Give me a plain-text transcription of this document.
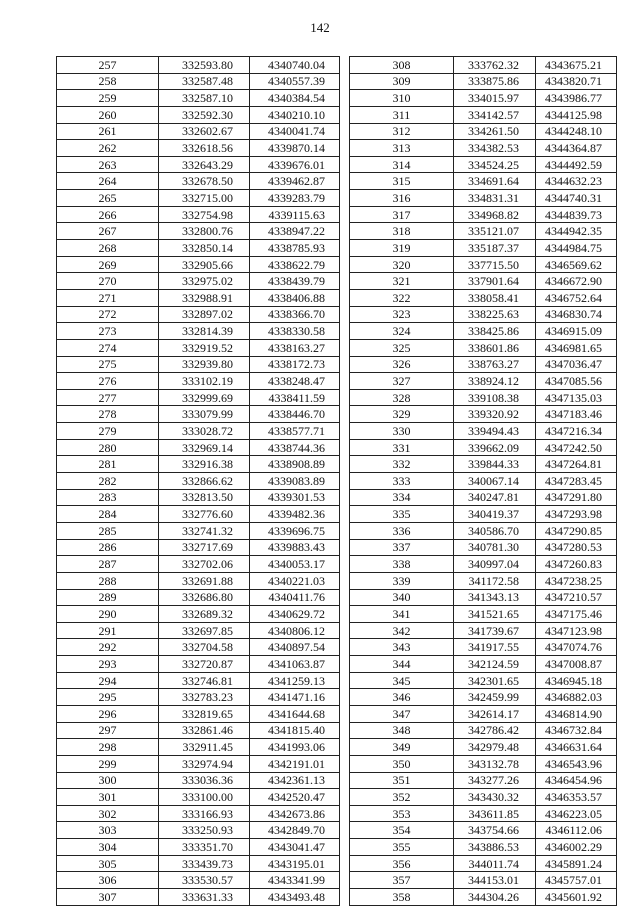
142
257	332593.80	4340740.04
258	332587.48	4340557.39
259	332587.10	4340384.54
260	332592.30	4340210.10
261	332602.67	4340041.74
262	332618.56	4339870.14
263	332643.29	4339676.01
264	332678.50	4339462.87
265	332715.00	4339283.79
266	332754.98	4339115.63
267	332800.76	4338947.22
268	332850.14	4338785.93
269	332905.66	4338622.79
270	332975.02	4338439.79
271	332988.91	4338406.88
272	332897.02	4338366.70
273	332814.39	4338330.58
274	332919.52	4338163.27
275	332939.80	4338172.73
276	333102.19	4338248.47
277	332999.69	4338411.59
278	333079.99	4338446.70
279	333028.72	4338577.71
280	332969.14	4338744.36
281	332916.38	4338908.89
282	332866.62	4339083.89
283	332813.50	4339301.53
284	332776.60	4339482.36
285	332741.32	4339696.75
286	332717.69	4339883.43
287	332702.06	4340053.17
288	332691.88	4340221.03
289	332686.80	4340411.76
290	332689.32	4340629.72
291	332697.85	4340806.12
292	332704.58	4340897.54
293	332720.87	4341063.87
294	332746.81	4341259.13
295	332783.23	4341471.16
296	332819.65	4341644.68
297	332861.46	4341815.40
298	332911.45	4341993.06
299	332974.94	4342191.01
300	333036.36	4342361.13
301	333100.00	4342520.47
302	333166.93	4342673.86
303	333250.93	4342849.70
304	333351.70	4343041.47
305	333439.73	4343195.01
306	333530.57	4343341.99
307	333631.33	4343493.48
308	333762.32	4343675.21
309	333875.86	4343820.71
310	334015.97	4343986.77
311	334142.57	4344125.98
312	334261.50	4344248.10
313	334382.53	4344364.87
314	334524.25	4344492.59
315	334691.64	4344632.23
316	334831.31	4344740.31
317	334968.82	4344839.73
318	335121.07	4344942.35
319	335187.37	4344984.75
320	337715.50	4346569.62
321	337901.64	4346672.90
322	338058.41	4346752.64
323	338225.63	4346830.74
324	338425.86	4346915.09
325	338601.86	4346981.65
326	338763.27	4347036.47
327	338924.12	4347085.56
328	339108.38	4347135.03
329	339320.92	4347183.46
330	339494.43	4347216.34
331	339662.09	4347242.50
332	339844.33	4347264.81
333	340067.14	4347283.45
334	340247.81	4347291.80
335	340419.37	4347293.98
336	340586.70	4347290.85
337	340781.30	4347280.53
338	340997.04	4347260.83
339	341172.58	4347238.25
340	341343.13	4347210.57
341	341521.65	4347175.46
342	341739.67	4347123.98
343	341917.55	4347074.76
344	342124.59	4347008.87
345	342301.65	4346945.18
346	342459.99	4346882.03
347	342614.17	4346814.90
348	342786.42	4346732.84
349	342979.48	4346631.64
350	343132.78	4346543.96
351	343277.26	4346454.96
352	343430.32	4346353.57
353	343611.85	4346223.05
354	343754.66	4346112.06
355	343886.53	4346002.29
356	344011.74	4345891.24
357	344153.01	4345757.01
358	344304.26	4345601.92
